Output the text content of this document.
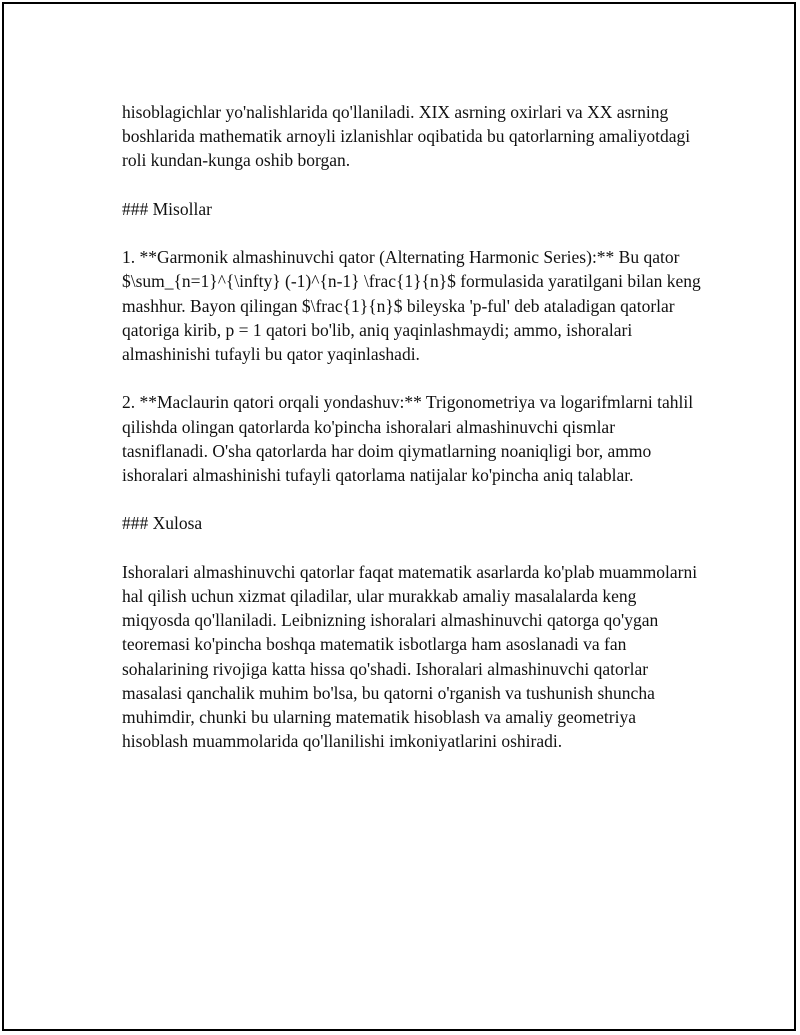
hisoblagichlar yo'nalishlarida qo'llaniladi. XIX asrning oxirlari va XX asrning boshlarida mathematik arnoyli izlanishlar oqibatida bu qatorlarning amaliyotdagi roli kundan-kunga oshib borgan.

### Misollar

1. **Garmonik almashinuvchi qator (Alternating Harmonic Series):** Bu qator $\sum_{n=1}^{\infty} (-1)^{n-1} \frac{1}{n}$ formulasida yaratilgani bilan keng mashhur. Bayon qilingan $\frac{1}{n}$ bileyska 'p-ful' deb ataladigan qatorlar qatoriga kirib, p = 1 qatori bo'lib, aniq yaqinlashmaydi; ammo, ishoralari almashinishi tufayli bu qator yaqinlashadi.

2. **Maclaurin qatori orqali yondashuv:** Trigonometriya va logarifmlarni tahlil qilishda olingan qatorlarda ko'pincha ishoralari almashinuvchi qismlar tasniflanadi. O'sha qatorlarda har doim qiymatlarning noaniqligi bor, ammo ishoralari almashinishi tufayli qatorlama natijalar ko'pincha aniq talablar.

### Xulosa

Ishoralari almashinuvchi qatorlar faqat matematik asarlarda ko'plab muammolarni hal qilish uchun xizmat qiladilar, ular murakkab amaliy masalalarda keng miqyosda qo'llaniladi. Leibnizning ishoralari almashinuvchi qatorga qo'ygan teoremasi ko'pincha boshqa matematik isbotlarga ham asoslanadi va fan sohalarining rivojiga katta hissa qo'shadi. Ishoralari almashinuvchi qatorlar masalasi qanchalik muhim bo'lsa, bu qatorni o'rganish va tushunish shuncha muhimdir, chunki bu ularning matematik hisoblash va amaliy geometriya hisoblash muammolarida qo'llanilishi imkoniyatlarini oshiradi.
